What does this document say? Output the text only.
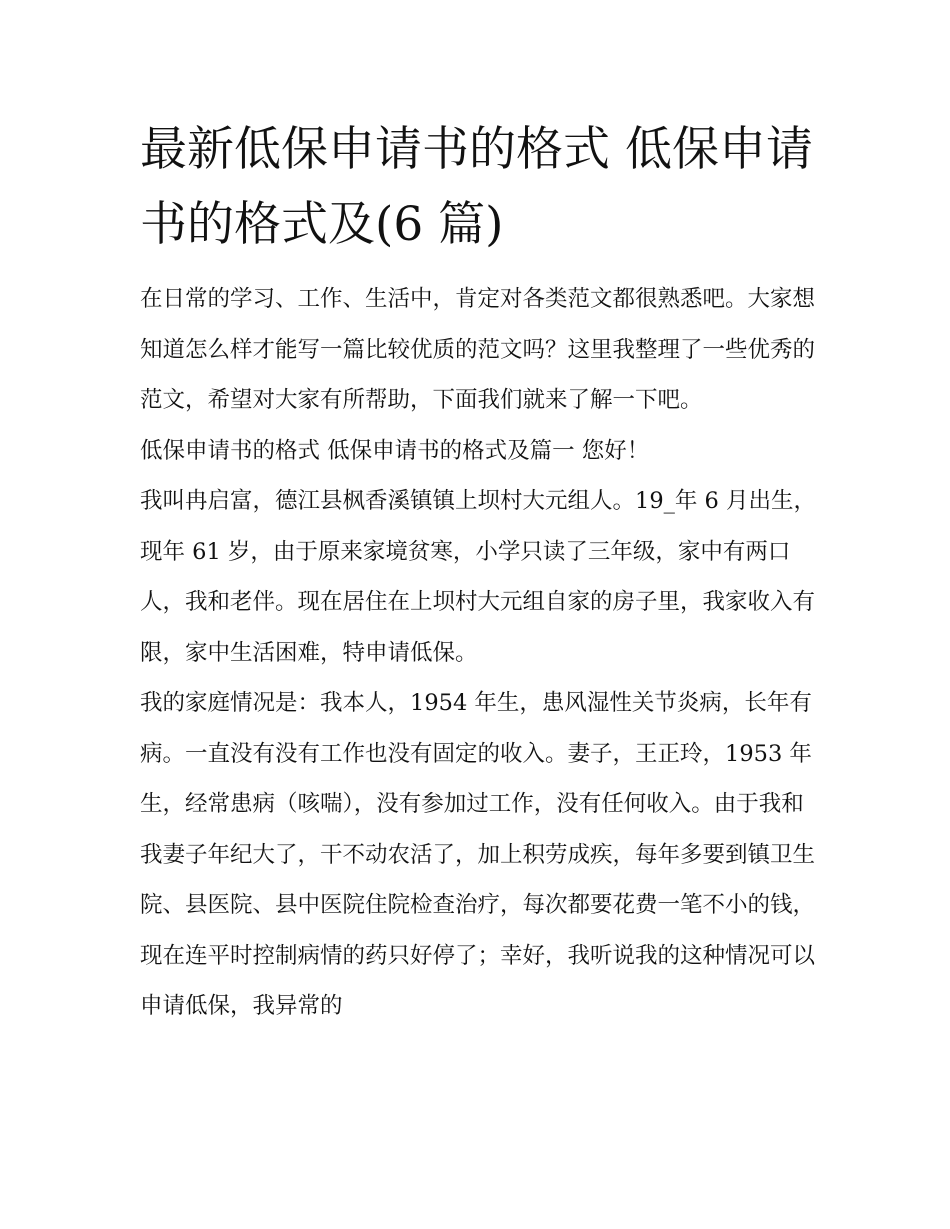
最新低保申请书的格式 低保申请书的格式及(6 篇)

在日常的学习、工作、生活中，肯定对各类范文都很熟悉吧。大家想知道怎么样才能写一篇比较优质的范文吗？这里我整理了一些优秀的范文，希望对大家有所帮助，下面我们就来了解一下吧。

低保申请书的格式 低保申请书的格式及篇一 您好！

我叫冉启富，德江县枫香溪镇镇上坝村大元组人。19_年 6 月出生，现年 61 岁，由于原来家境贫寒，小学只读了三年级，家中有两口人，我和老伴。现在居住在上坝村大元组自家的房子里，我家收入有限，家中生活困难，特申请低保。

我的家庭情况是：我本人，1954 年生，患风湿性关节炎病，长年有病。一直没有没有工作也没有固定的收入。妻子，王正玲，1953 年生，经常患病（咳喘），没有参加过工作，没有任何收入。由于我和我妻子年纪大了，干不动农活了，加上积劳成疾，每年多要到镇卫生院、县医院、县中医院住院检查治疗，每次都要花费一笔不小的钱，现在连平时控制病情的药只好停了；幸好，我听说我的这种情况可以申请低保，我异常的
